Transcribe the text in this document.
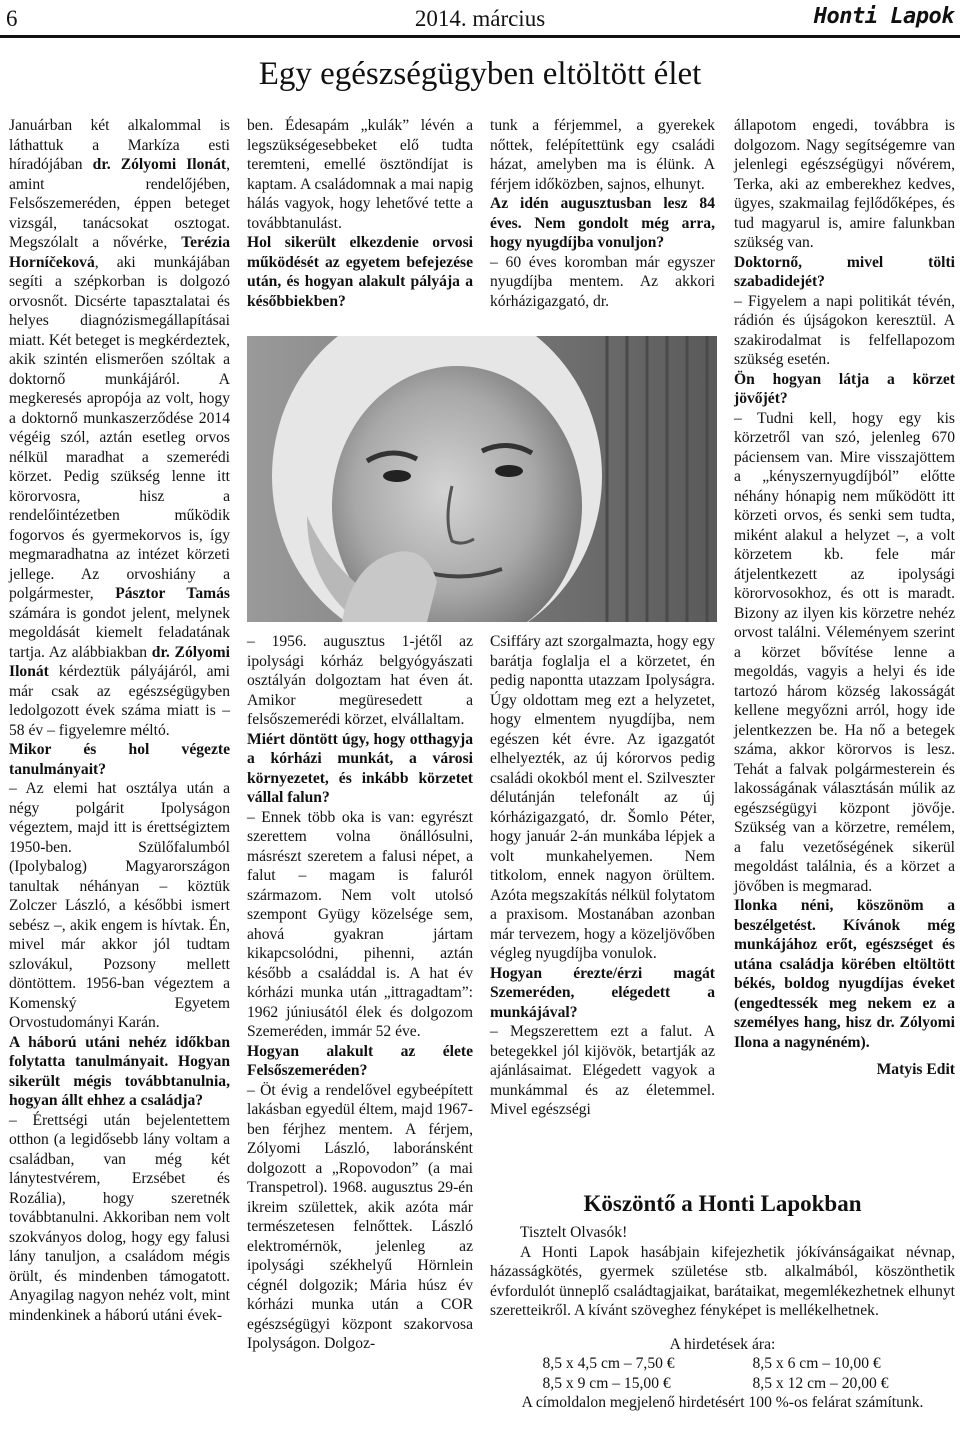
6	2014. március	Honti Lapok
Egy egészségügyben eltöltött élet

Januárban két alkalommal is láthattuk a Markíza esti híradójában dr. Zólyomi Ilonát, amint rendelőjében, Felsőszemeréden, éppen beteget vizsgál, tanácsokat osztogat. Megszólalt a nővérke, Terézia Horníčeková, aki munkájában segíti a szépkorban is dolgozó orvosnőt. Dicsérte tapasztalatai és helyes diagnózismegállapításai miatt. Két beteget is megkérdeztek, akik szintén elismerően szóltak a doktornő munkájáról. A megkeresés apropója az volt, hogy a doktornő munkaszerződése 2014 végéig szól, aztán esetleg orvos nélkül maradhat a szemerédi körzet. Pedig szükség lenne itt körorvosra, hisz a rendelőintézetben működik fogorvos és gyermekorvos is, így megmaradhatna az intézet körzeti jellege. Az orvoshiány a polgármester, Pásztor Tamás számára is gondot jelent, melynek megoldását kiemelt feladatának tartja. Az alábbiakban dr. Zólyomi Ilonát kérdeztük pályájáról, ami már csak az egészségügyben ledolgozott évek száma miatt is – 58 év – figyelemre méltó.

Mikor és hol végezte tanulmányait?

– Az elemi hat osztálya után a négy polgárit Ipolyságon végeztem, majd itt is érettségiztem 1950-ben. Szülőfalumból (Ipolybalog) Magyarországon tanultak néhányan – köztük Zolczer László, a későbbi ismert sebész –, akik engem is hívtak. Én, mivel már akkor jól tudtam szlovákul, Pozsony mellett döntöttem. 1956-ban végeztem a Komenský Egyetem Orvostudományi Karán.

A háború utáni nehéz időkban folytatta tanulmányait. Hogyan sikerült mégis továbbtanulnia, hogyan állt ehhez a családja?

– Érettségi után bejelentettem otthon (a legidősebb lány voltam a családban, van még két lánytestvérem, Erzsébet és Rozália), hogy szeretnék továbbtanulni. Akkoriban nem volt szokványos dolog, hogy egy falusi lány tanuljon, a családom mégis örült, és mindenben támogatott. Anyagilag nagyon nehéz volt, mint mindenkinek a háború utáni évek-

ben. Édesapám „kulák” lévén a legszükségesebbeket elő tudta teremteni, emellé ösztöndíjat is kaptam. A családomnak a mai napig hálás vagyok, hogy lehetővé tette a továbbtanulást.

Hol sikerült elkezdenie orvosi működését az egyetem befejezése után, és hogyan alakult pályája a későbbiekben?

tunk a férjemmel, a gyerekek nőttek, felépítettünk egy családi házat, amelyben ma is élünk. A férjem időközben, sajnos, elhunyt.

Az idén augusztusban lesz 84 éves. Nem gondolt még arra, hogy nyugdíjba vonuljon?

– 60 éves koromban már egyszer nyugdíjba mentem. Az akkori kórházigazgató, dr.

– 1956. augusztus 1-jétől az ipolysági kórház belgyógyászati osztályán dolgoztam hat éven át. Amikor megüresedett a felsőszemerédi körzet, elvállaltam.

Miért döntött úgy, hogy otthagyja a kórházi munkát, a városi környezetet, és inkább körzetet vállal falun?

– Ennek több oka is van: egyrészt szerettem volna önállósulni, másrészt szeretem a falusi népet, a falut – magam is faluról származom. Nem volt utolsó szempont Gyügy közelsége sem, ahová gyakran jártam kikapcsolódni, pihenni, aztán később a családdal is. A hat év kórházi munka után „ittragadtam”: 1962 júniusától élek és dolgozom Szemeréden, immár 52 éve.

Hogyan alakult az élete Felsőszemeréden?

– Öt évig a rendelővel egybeépített lakásban egyedül éltem, majd 1967-ben férjhez mentem. A férjem, Zólyomi László, laboránsként dolgozott a „Ropovodon” (a mai Transpetrol). 1968. augusztus 29-én ikreim születtek, akik azóta már természetesen felnőttek. László elektromérnök, jelenleg az ipolysági székhelyű Hörnlein cégnél dolgozik; Mária húsz év kórházi munka után a COR egészségügyi központ szakorvosa Ipolyságon. Dolgoz-

Csiffáry azt szorgalmazta, hogy egy barátja foglalja el a körzetet, én pedig napontta utazzam Ipolyságra. Úgy oldottam meg ezt a helyzetet, hogy elmentem nyugdíjba, nem egészen két évre. Az igazgatót elhelyezték, az új kórorvos pedig családi okokból ment el. Szilveszter délutánján telefonált az új kórházigazgató, dr. Šomlo Péter, hogy január 2-án munkába lépjek a volt munkahelyemen. Nem titkolom, ennek nagyon örültem. Azóta megszakítás nélkül folytatom a praxisom. Mostanában azonban már tervezem, hogy a közeljövőben végleg nyugdíjba vonulok.

Hogyan érezte/érzi magát Szemeréden, elégedett a munkájával?

– Megszerettem ezt a falut. A betegekkel jól kijövök, betartják az ajánlásaimat. Elégedett vagyok a munkámmal és az életemmel. Mivel egészségi

állapotom engedi, továbbra is dolgozom. Nagy segítségemre van jelenlegi egészségügyi nővérem, Terka, aki az emberekhez kedves, ügyes, szakmailag fejlődőképes, és tud magyarul is, amire falunkban szükség van.

Doktornő, mivel tölti szabadidejét?

– Figyelem a napi politikát tévén, rádión és újságokon keresztül. A szakirodalmat is felfellapozom szükség esetén.

Ön hogyan látja a körzet jövőjét?

– Tudni kell, hogy egy kis körzetről van szó, jelenleg 670 páciensem van. Mire visszajöttem a „kényszernyugdíjból” előtte néhány hónapig nem működött itt körzeti orvos, és senki sem tudta, miként alakul a helyzet –, a volt körzetem kb. fele már átjelentkezett az ipolysági körorvosokhoz, és ott is maradt. Bizony az ilyen kis körzetre nehéz orvost találni. Véleményem szerint a körzet bővítése lenne a megoldás, vagyis a helyi és ide tartozó három község lakosságát kellene megyőzni arról, hogy ide jelentkezzen be. Ha nő a betegek száma, akkor körorvos is lesz. Tehát a falvak polgármesterein és lakosságának választásán múlik az egészségügyi központ jövője. Szükség van a körzetre, remélem, a falu vezetőségének sikerül megoldást találnia, és a körzet a jövőben is megmarad.

Ilonka néni, köszönöm a beszélgetést. Kívánok még munkájához erőt, egészséget és utána családja körében eltöltött békés, boldog nyugdíjas éveket (engedtessék meg nekem ez a személyes hang, hisz dr. Zólyomi Ilona a nagynéném).

Matyis Edit

Köszöntő a Honti Lapokban

Tisztelt Olvasók!

A Honti Lapok hasábjain kifejezhetik jókívánságaikat névnap, házasságkötés, gyermek születése stb. alkalmából, köszönthetik évfordulót ünneplő családtagjaikat, barátaikat, megemlékezhetnek elhunyt szeretteikről. A kívánt szöveghez fényképet is mellékelhetnek.

A hirdetések ára:
8,5 x 4,5 cm – 7,50 €	8,5 x 6 cm – 10,00 €
8,5 x 9 cm – 15,00 €	8,5 x 12 cm – 20,00 €
A címoldalon megjelenő hirdetésért 100 %-os felárat számítunk.
